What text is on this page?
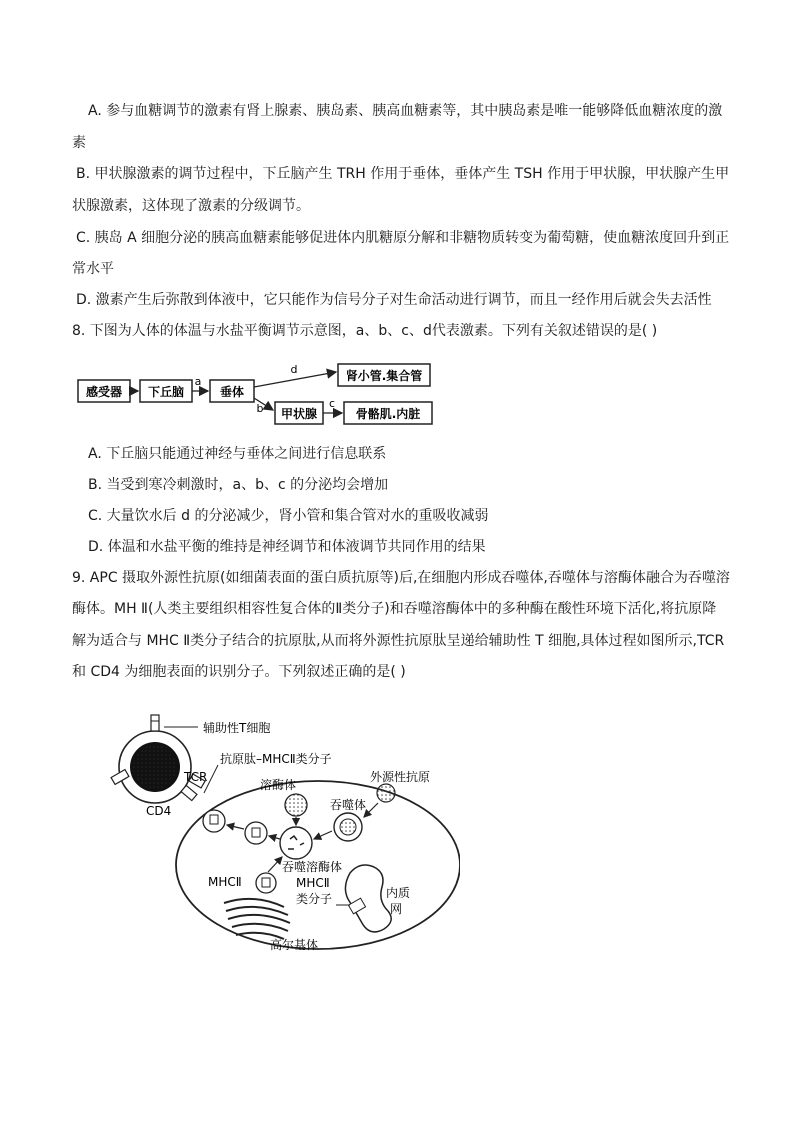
A. 参与血糖调节的激素有肾上腺素、胰岛素、胰高血糖素等，其中胰岛素是唯一能够降低血糖浓度的激
素
B. 甲状腺激素的调节过程中，下丘脑产生 TRH 作用于垂体，垂体产生 TSH 作用于甲状腺，甲状腺产生甲
状腺激素，这体现了激素的分级调节。
C. 胰岛 A 细胞分泌的胰高血糖素能够促进体内肌糖原分解和非糖物质转变为葡萄糖，使血糖浓度回升到正
常水平
D. 激素产生后弥散到体液中，它只能作为信号分子对生命活动进行调节，而且一经作用后就会失去活性
8. 下图为人体的体温与水盐平衡调节示意图，a、b、c、d代表激素。下列有关叙述错误的是( )
感受器 下丘脑	垂体
甲状腺
肾小管.集合管
骨骼肌.内脏
a
d
b	c
A. 下丘脑只能通过神经与垂体之间进行信息联系
B. 当受到寒冷刺激时，a、b、c 的分泌均会增加
C. 大量饮水后 d 的分泌减少，肾小管和集合管对水的重吸收减弱
D. 体温和水盐平衡的维持是神经调节和体液调节共同作用的结果
9. APC 摄取外源性抗原(如细菌表面的蛋白质抗原等)后,在细胞内形成吞噬体,吞噬体与溶酶体融合为吞噬溶
酶体。MH Ⅱ(人类主要组织相容性复合体的Ⅱ类分子)和吞噬溶酶体中的多种酶在酸性环境下活化,将抗原降
解为适合与 MHC Ⅱ类分子结合的抗原肽,从而将外源性抗原肽呈递给辅助性 T 细胞,具体过程如图所示,TCR
和 CD4 为细胞表面的识别分子。下列叙述正确的是( )
辅助性T细胞
TCR
CD4
抗原肽–MHCⅡ类分子
外源性抗原
吞噬体
溶酶体
吞噬溶酶体
MHCⅡ
高尔基体
内质
网
MHCⅡ
类分子
